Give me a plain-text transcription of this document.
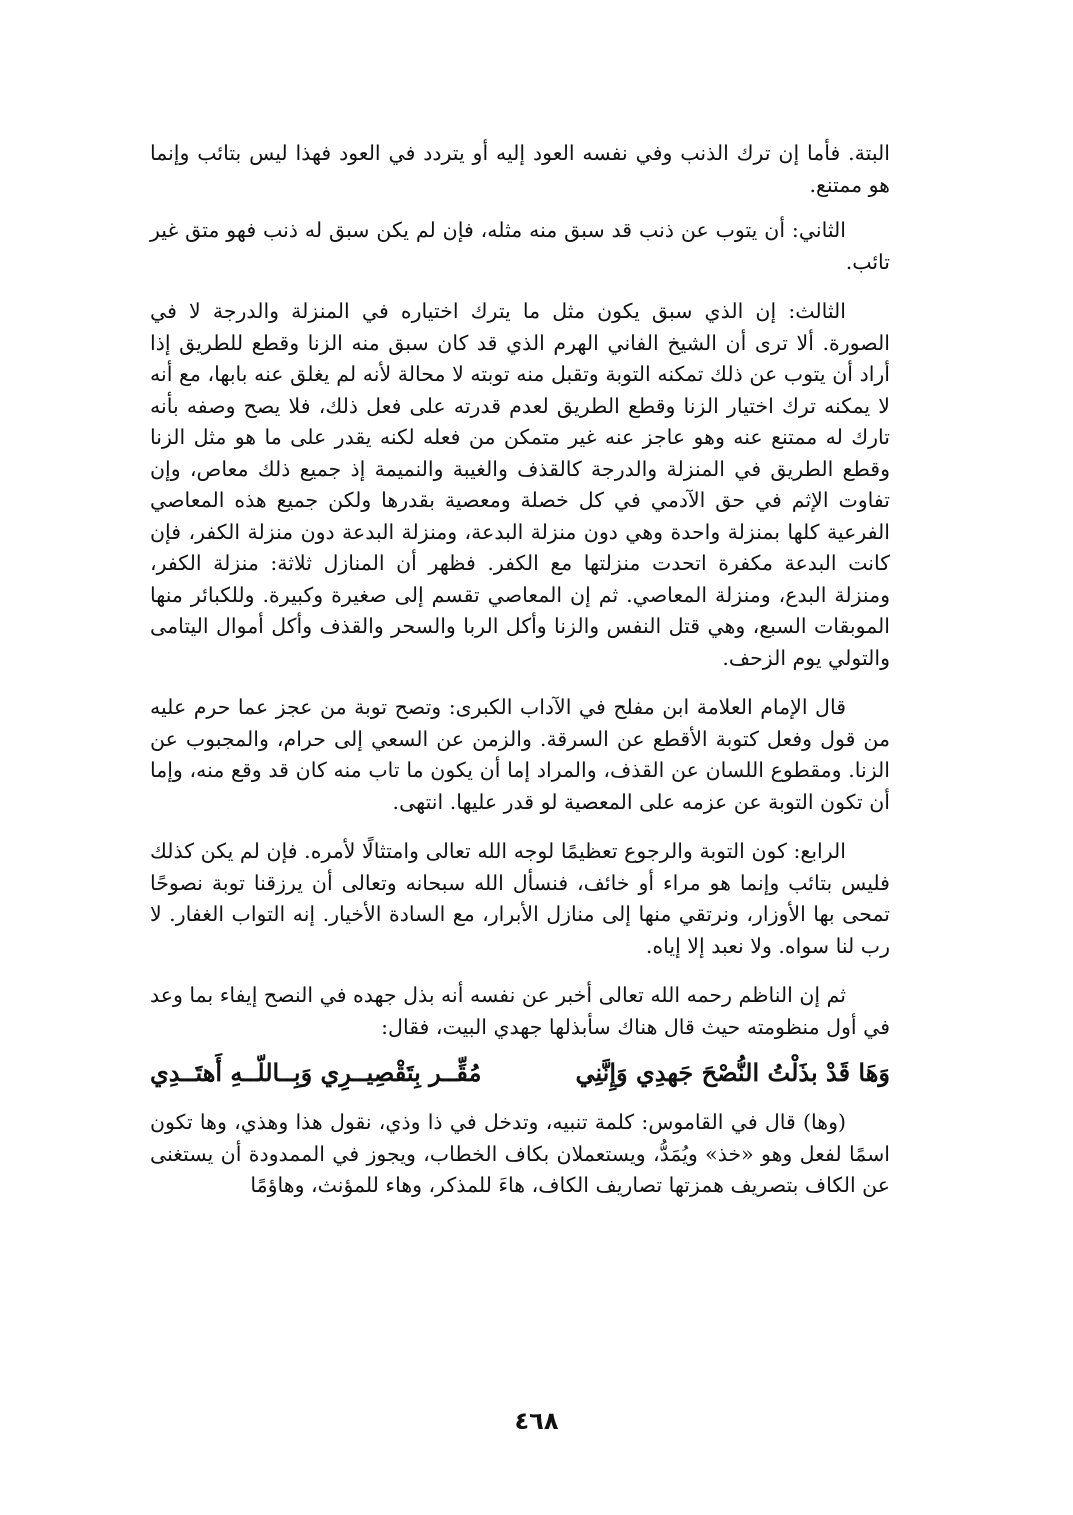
البتة. فأما إن ترك الذنب وفي نفسه العود إليه أو يتردد في العود فهذا ليس بتائب وإنما هو ممتنع.

الثاني: أن يتوب عن ذنب قد سبق منه مثله، فإن لم يكن سبق له ذنب فهو متق غير تائب.

الثالث: إن الذي سبق يكون مثل ما يترك اختياره في المنزلة والدرجة لا في الصورة. ألا ترى أن الشيخ الفاني الهرم الذي قد كان سبق منه الزنا وقطع للطريق إذا أراد أن يتوب عن ذلك تمكنه التوبة وتقبل منه توبته لا محالة لأنه لم يغلق عنه بابها، مع أنه لا يمكنه ترك اختيار الزنا وقطع الطريق لعدم قدرته على فعل ذلك، فلا يصح وصفه بأنه تارك له ممتنع عنه وهو عاجز عنه غير متمكن من فعله لكنه يقدر على ما هو مثل الزنا وقطع الطريق في المنزلة والدرجة كالقذف والغيبة والنميمة إذ جميع ذلك معاص، وإن تفاوت الإثم في حق الآدمي في كل خصلة ومعصية بقدرها ولكن جميع هذه المعاصي الفرعية كلها بمنزلة واحدة وهي دون منزلة البدعة، ومنزلة البدعة دون منزلة الكفر، فإن كانت البدعة مكفرة اتحدت منزلتها مع الكفر. فظهر أن المنازل ثلاثة: منزلة الكفر، ومنزلة البدع، ومنزلة المعاصي. ثم إن المعاصي تقسم إلى صغيرة وكبيرة. وللكبائر منها الموبقات السبع، وهي قتل النفس والزنا وأكل الربا والسحر والقذف وأكل أموال اليتامى والتولي يوم الزحف.

قال الإمام العلامة ابن مفلح في الآداب الكبرى: وتصح توبة من عجز عما حرم عليه من قول وفعل كتوبة الأقطع عن السرقة. والزمن عن السعي إلى حرام، والمجبوب عن الزنا. ومقطوع اللسان عن القذف، والمراد إما أن يكون ما تاب منه كان قد وقع منه، وإما أن تكون التوبة عن عزمه على المعصية لو قدر عليها. انتهى.

الرابع: كون التوبة والرجوع تعظيمًا لوجه الله تعالى وامتثالًا لأمره. فإن لم يكن كذلك فليس بتائب وإنما هو مراء أو خائف، فنسأل الله سبحانه وتعالى أن يرزقنا توبة نصوحًا تمحى بها الأوزار، ونرتقي منها إلى منازل الأبرار، مع السادة الأخيار. إنه التواب الغفار. لا رب لنا سواه. ولا نعبد إلا إياه.

ثم إن الناظم رحمه الله تعالى أخبر عن نفسه أنه بذل جهده في النصح إيفاء بما وعد في أول منظومته حيث قال هناك سأبذلها جهدي البيت، فقال:

وَهَا قَدْ بذَلْتُ النُّصْحَ جَهدِي وَإِنَّنِي
مُقِّــر بِتَقْصِيــرِي وَبِــاللّــهِ أَهتَــدِي

(وها) قال في القاموس: كلمة تنبيه، وتدخل في ذا وذي، نقول هذا وهذي، وها تكون اسمًا لفعل وهو «خذ» ويُمَدُّ، ويستعملان بكاف الخطاب، ويجوز في الممدودة أن يستغنى عن الكاف بتصريف همزتها تصاريف الكاف، هاءَ للمذكر، وهاء للمؤنث، وهاؤمًا

٤٦٨
